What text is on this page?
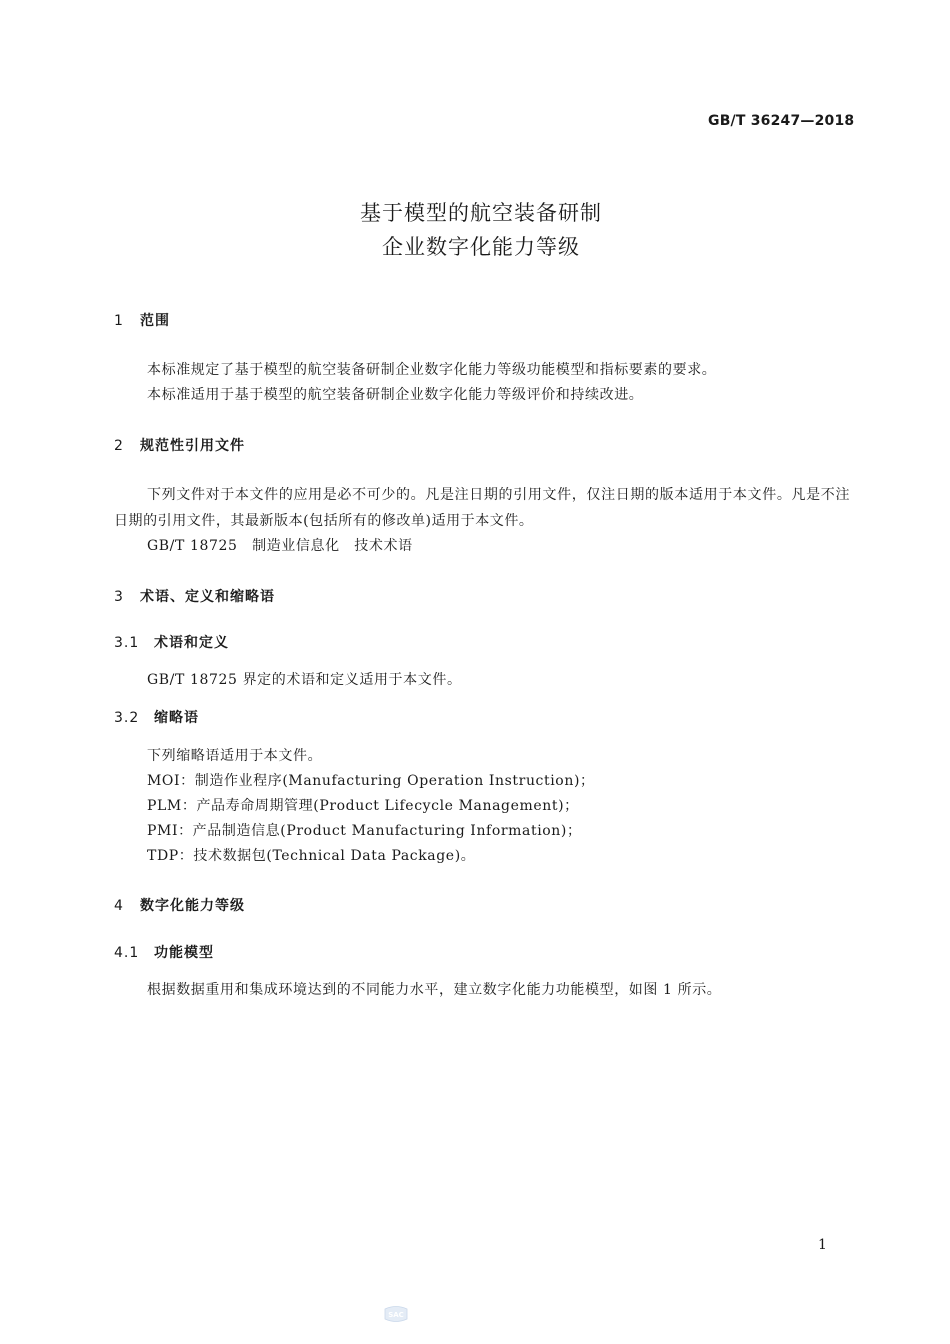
GB/T 36247—2018
基于模型的航空装备研制
企业数字化能力等级
1 范围
本标准规定了基于模型的航空装备研制企业数字化能力等级功能模型和指标要素的要求。
本标准适用于基于模型的航空装备研制企业数字化能力等级评价和持续改进。
2 规范性引用文件
下列文件对于本文件的应用是必不可少的。凡是注日期的引用文件，仅注日期的版本适用于本文件。凡是不注日期的引用文件，其最新版本(包括所有的修改单)适用于本文件。
GB/T 18725　制造业信息化　技术术语
3 术语、定义和缩略语
3.1 术语和定义
GB/T 18725 界定的术语和定义适用于本文件。
3.2 缩略语
下列缩略语适用于本文件。
MOI：制造作业程序(Manufacturing Operation Instruction)；
PLM：产品寿命周期管理(Product Lifecycle Management)；
PMI：产品制造信息(Product Manufacturing Information)；
TDP：技术数据包(Technical Data Package)。
4 数字化能力等级
4.1 功能模型
根据数据重用和集成环境达到的不同能力水平，建立数字化能力功能模型，如图 1 所示。
1
SAC
